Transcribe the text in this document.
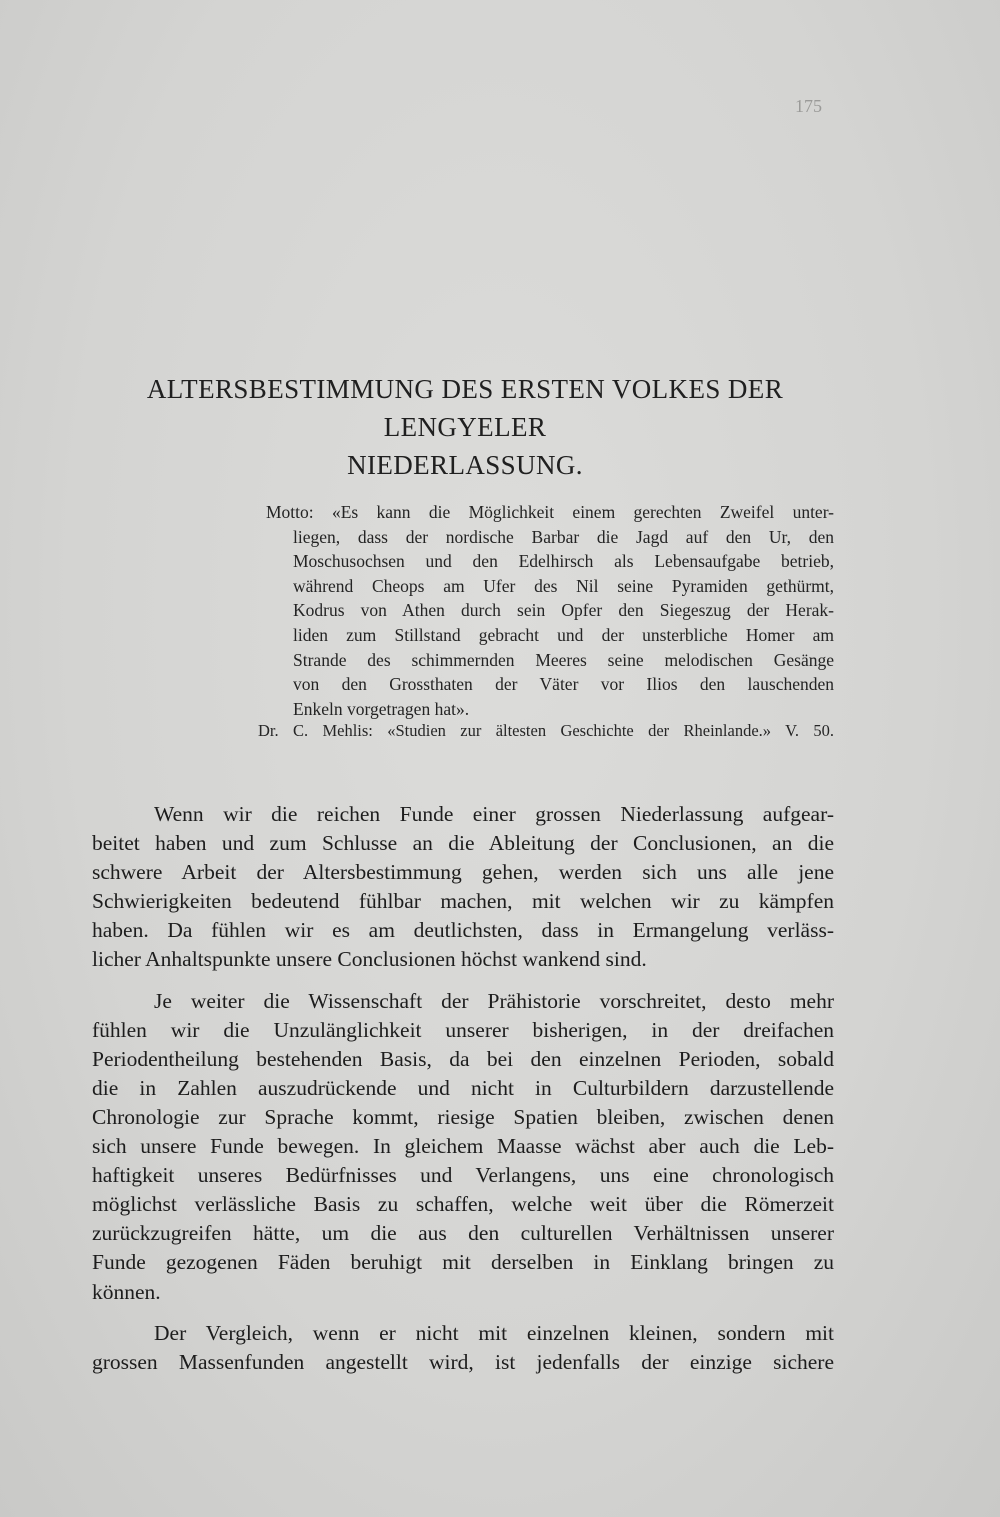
175
ALTERSBESTIMMUNG DES ERSTEN VOLKES DER LENGYELER
NIEDERLASSUNG.
Motto: «Es kann die Möglichkeit einem gerechten Zweifel unter-
liegen, dass der nordische Barbar die Jagd auf den Ur, den
Moschusochsen und den Edelhirsch als Lebensaufgabe betrieb,
während Cheops am Ufer des Nil seine Pyramiden gethürmt,
Kodrus von Athen durch sein Opfer den Siegeszug der Herak-
liden zum Stillstand gebracht und der unsterbliche Homer am
Strande des schimmernden Meeres seine melodischen Gesänge
von den Grossthaten der Väter vor Ilios den lauschenden
Enkeln vorgetragen hat».
Dr. C. Mehlis: «Studien zur ältesten Geschichte der Rheinlande.» V. 50.
Wenn wir die reichen Funde einer grossen Niederlassung aufgear-
beitet haben und zum Schlusse an die Ableitung der Conclusionen, an die
schwere Arbeit der Altersbestimmung gehen, werden sich uns alle jene
Schwierigkeiten bedeutend fühlbar machen, mit welchen wir zu kämpfen
haben. Da fühlen wir es am deutlichsten, dass in Ermangelung verläss-
licher Anhaltspunkte unsere Conclusionen höchst wankend sind.
Je weiter die Wissenschaft der Prähistorie vorschreitet, desto mehr
fühlen wir die Unzulänglichkeit unserer bisherigen, in der dreifachen
Periodentheilung bestehenden Basis, da bei den einzelnen Perioden, sobald
die in Zahlen auszudrückende und nicht in Culturbildern darzustellende
Chronologie zur Sprache kommt, riesige Spatien bleiben, zwischen denen
sich unsere Funde bewegen. In gleichem Maasse wächst aber auch die Leb-
haftigkeit unseres Bedürfnisses und Verlangens, uns eine chronologisch
möglichst verlässliche Basis zu schaffen, welche weit über die Römerzeit
zurückzugreifen hätte, um die aus den culturellen Verhältnissen unserer
Funde gezogenen Fäden beruhigt mit derselben in Einklang bringen zu
können.
Der Vergleich, wenn er nicht mit einzelnen kleinen, sondern mit
grossen Massenfunden angestellt wird, ist jedenfalls der einzige sichere
